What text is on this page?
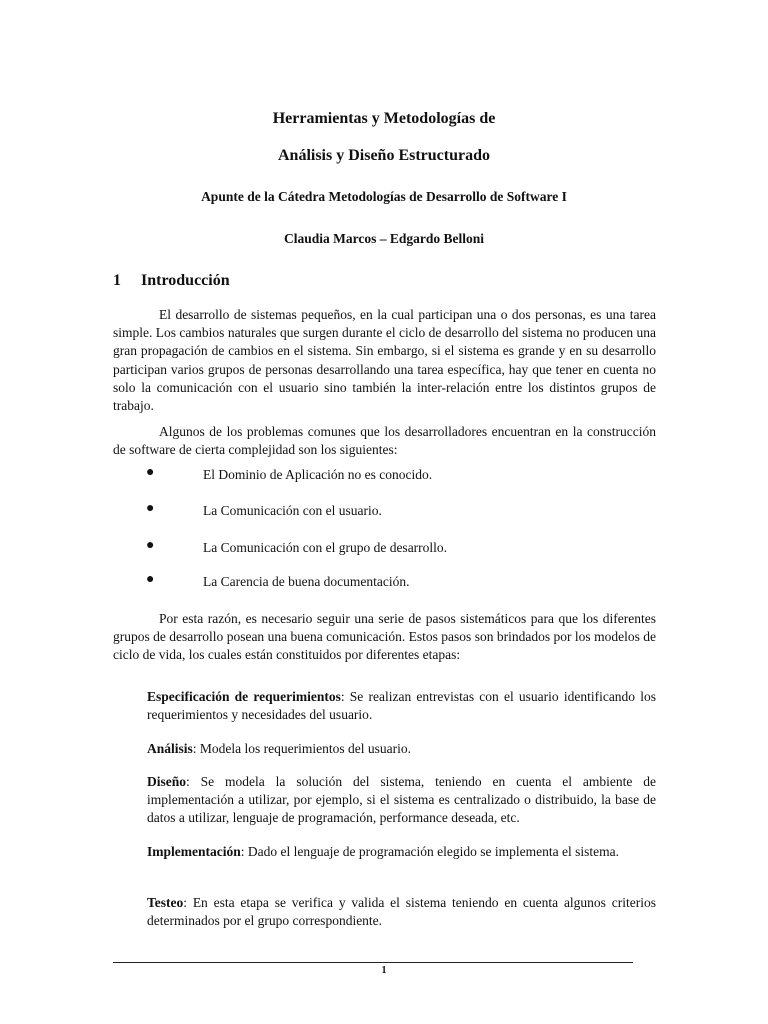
Herramientas y Metodologías de
Análisis y Diseño Estructurado
Apunte de la Cátedra Metodologías de Desarrollo de Software I
Claudia Marcos – Edgardo Belloni
1 Introducción

El desarrollo de sistemas pequeños, en la cual participan una o dos personas, es una tarea simple. Los cambios naturales que surgen durante el ciclo de desarrollo del sistema no producen una gran propagación de cambios en el sistema. Sin embargo, si el sistema es grande y en su desarrollo participan varios grupos de personas desarrollando una tarea específica, hay que tener en cuenta no solo la comunicación con el usuario sino también la inter-relación entre los distintos grupos de trabajo.

Algunos de los problemas comunes que los desarrolladores encuentran en la construcción de software de cierta complejidad son los siguientes:

●	El Dominio de Aplicación no es conocido.
●	La Comunicación con el usuario.
●	La Comunicación con el grupo de desarrollo.
●	La Carencia de buena documentación.

Por esta razón, es necesario seguir una serie de pasos sistemáticos para que los diferentes grupos de desarrollo posean una buena comunicación. Estos pasos son brindados por los modelos de ciclo de vida, los cuales están constituidos por diferentes etapas:

Especificación de requerimientos: Se realizan entrevistas con el usuario identificando los requerimientos y necesidades del usuario.

Análisis: Modela los requerimientos del usuario.

Diseño: Se modela la solución del sistema, teniendo en cuenta el ambiente de implementación a utilizar, por ejemplo, si el sistema es centralizado o distribuido, la base de datos a utilizar, lenguaje de programación, performance deseada, etc.

Implementación: Dado el lenguaje de programación elegido se implementa el sistema.

Testeo: En esta etapa se verifica y valida el sistema teniendo en cuenta algunos criterios determinados por el grupo correspondiente.

1
